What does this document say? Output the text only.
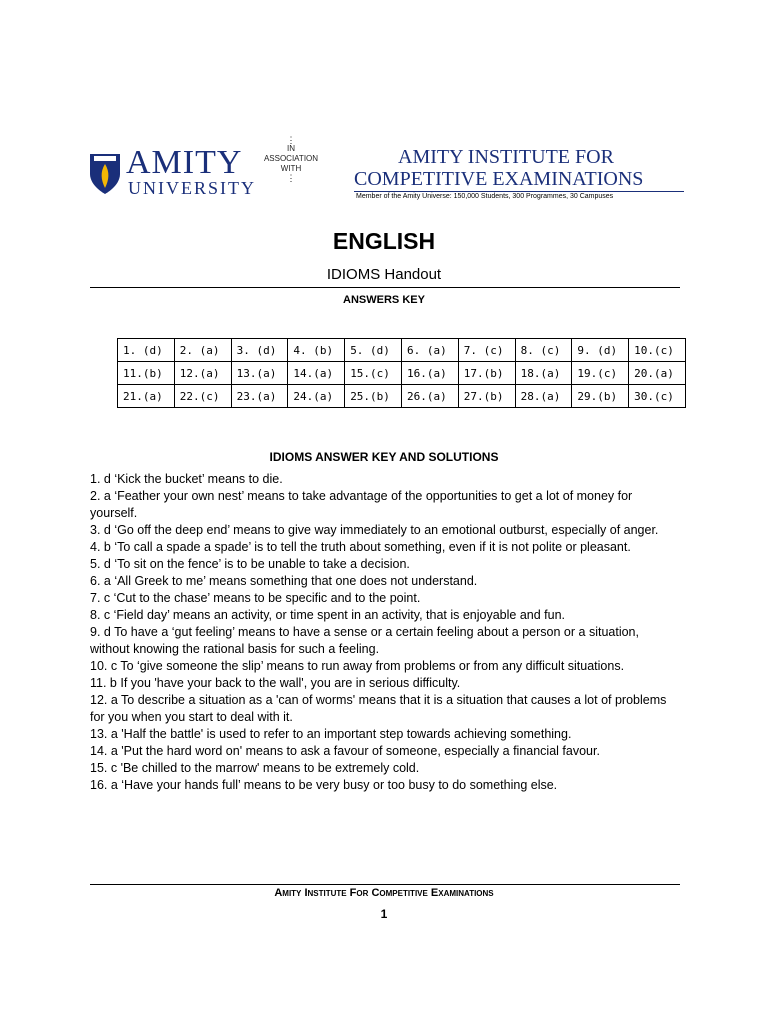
AMITY
UNIVERSITY
⋮
IN
ASSOCIATION
WITH
⋮
AMITY INSTITUTE FOR
COMPETITIVE EXAMINATIONS
Member of the Amity Universe: 150,000 Students, 300 Programmes, 30 Campuses
ENGLISH
IDIOMS Handout
ANSWERS KEY
1. (d)	2. (a)	3. (d)	4. (b)	5. (d)	6. (a)	7. (c)	8. (c)	9. (d)	10.(c)
11.(b)	12.(a)	13.(a)	14.(a)	15.(c)	16.(a)	17.(b)	18.(a)	19.(c)	20.(a)
21.(a)	22.(c)	23.(a)	24.(a)	25.(b)	26.(a)	27.(b)	28.(a)	29.(b)	30.(c)
IDIOMS ANSWER KEY AND SOLUTIONS

1. d ‘Kick the bucket’ means to die.

2. a ‘Feather your own nest’ means to take advantage of the opportunities to get a lot of money for yourself.

3. d ‘Go off the deep end’ means to give way immediately to an emotional outburst, especially of anger.

4. b ‘To call a spade a spade’ is to tell the truth about something, even if it is not polite or pleasant.

5. d ‘To sit on the fence’ is to be unable to take a decision.

6. a ‘All Greek to me’ means something that one does not understand.

7. c ‘Cut to the chase’ means to be specific and to the point.

8. c ‘Field day’ means an activity, or time spent in an activity, that is enjoyable and fun.

9. d To have a ‘gut feeling’ means to have a sense or a certain feeling about a person or a situation, without knowing the rational basis for such a feeling.

10. c To ‘give someone the slip’ means to run away from problems or from any difficult situations.

11. b If you 'have your back to the wall', you are in serious difficulty.

12. a To describe a situation as a 'can of worms' means that it is a situation that causes a lot of problems for you when you start to deal with it.

13. a 'Half the battle' is used to refer to an important step towards achieving something.

14. a 'Put the hard word on' means to ask a favour of someone, especially a financial favour.

15. c 'Be chilled to the marrow' means to be extremely cold.

16. a ‘Have your hands full’ means to be very busy or too busy to do something else.

Amity Institute For Competitive Examinations
1
